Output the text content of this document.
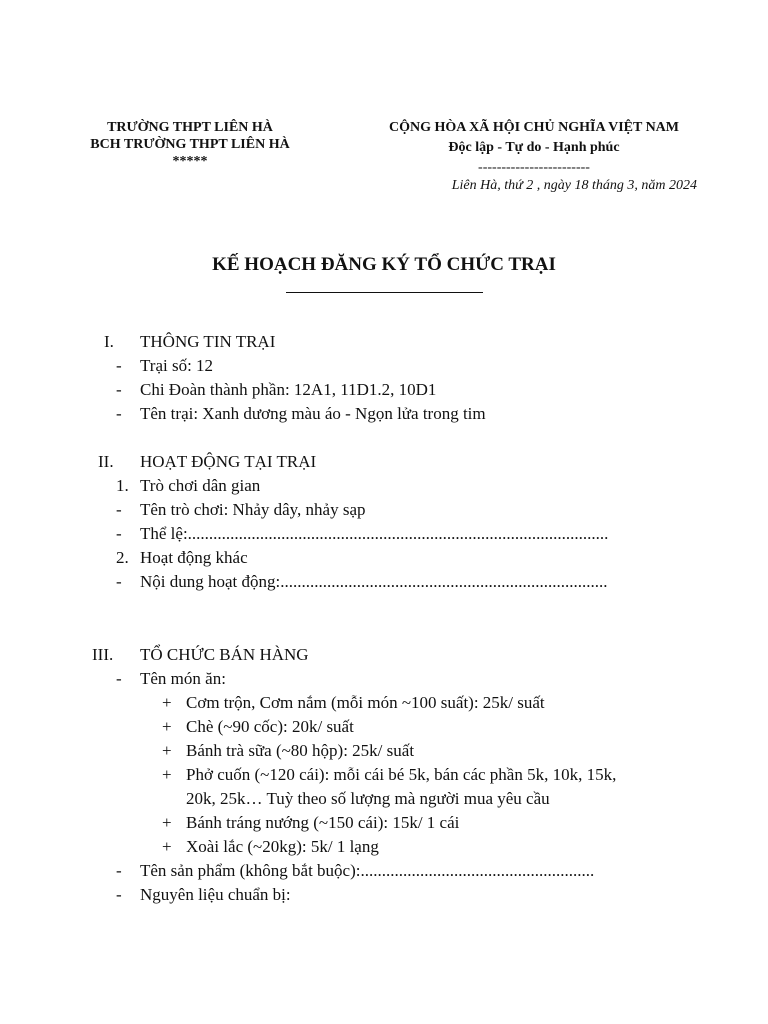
TRƯỜNG THPT LIÊN HÀ
BCH TRƯỜNG THPT LIÊN HÀ
*****
CỘNG HÒA XÃ HỘI CHỦ NGHĨA VIỆT NAM
Độc lập - Tự do - Hạnh phúc
------------------------
Liên Hà, thứ 2 , ngày 18 tháng 3, năm 2024
KẾ HOẠCH ĐĂNG KÝ TỔ CHỨC TRẠI
I. THÔNG TIN TRẠI
- Trại số: 12
- Chi Đoàn thành phần: 12A1, 11D1.2, 10D1
- Tên trại: Xanh dương màu áo - Ngọn lửa trong tim
II. HOẠT ĐỘNG TẠI TRẠI
1. Trò chơi dân gian
- Tên trò chơi: Nhảy dây, nhảy sạp
- Thể lệ:...................................................................................................
2. Hoạt động khác
- Nội dung hoạt động:.............................................................................
III. TỔ CHỨC BÁN HÀNG
- Tên món ăn:
+ Cơm trộn, Cơm nắm (mỗi món ~100 suất): 25k/ suất
+ Chè (~90 cốc): 20k/ suất
+ Bánh trà sữa (~80 hộp): 25k/ suất
+ Phở cuốn (~120 cái): mỗi cái bé 5k, bán các phần 5k, 10k, 15k,
20k, 25k… Tuỳ theo số lượng mà người mua yêu cầu
+ Bánh tráng nướng (~150 cái): 15k/ 1 cái
+ Xoài lắc (~20kg): 5k/ 1 lạng
- Tên sản phẩm (không bắt buộc):.......................................................
- Nguyên liệu chuẩn bị:
